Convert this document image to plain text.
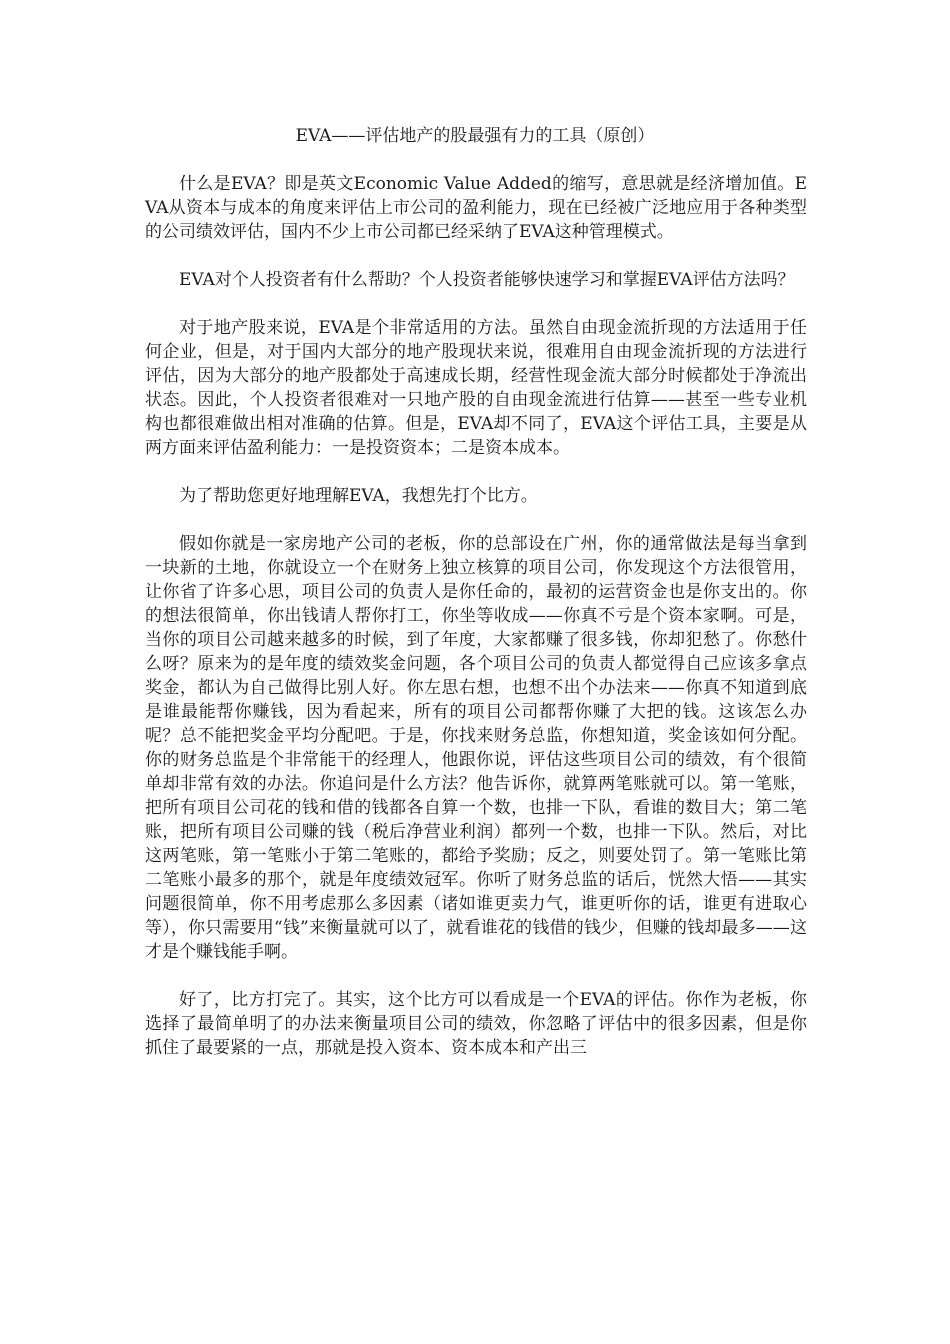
EVA——评估地产的股最强有力的工具（原创）

什么是EVA？即是英文Economic Value Added的缩写，意思就是经济增加值。EVA从资本与成本的角度来评估上市公司的盈利能力，现在已经被广泛地应用于各种类型的公司绩效评估，国内不少上市公司都已经采纳了EVA这种管理模式。

EVA对个人投资者有什么帮助？个人投资者能够快速学习和掌握EVA评估方法吗？

对于地产股来说，EVA是个非常适用的方法。虽然自由现金流折现的方法适用于任何企业，但是，对于国内大部分的地产股现状来说，很难用自由现金流折现的方法进行评估，因为大部分的地产股都处于高速成长期，经营性现金流大部分时候都处于净流出状态。因此，个人投资者很难对一只地产股的自由现金流进行估算——甚至一些专业机构也都很难做出相对准确的估算。但是，EVA却不同了，EVA这个评估工具，主要是从两方面来评估盈利能力：一是投资资本；二是资本成本。

为了帮助您更好地理解EVA，我想先打个比方。

假如你就是一家房地产公司的老板，你的总部设在广州，你的通常做法是每当拿到一块新的土地，你就设立一个在财务上独立核算的项目公司，你发现这个方法很管用，让你省了许多心思，项目公司的负责人是你任命的，最初的运营资金也是你支出的。你的想法很简单，你出钱请人帮你打工，你坐等收成——你真不亏是个资本家啊。可是，当你的项目公司越来越多的时候，到了年度，大家都赚了很多钱，你却犯愁了。你愁什么呀？原来为的是年度的绩效奖金问题，各个项目公司的负责人都觉得自己应该多拿点奖金，都认为自己做得比别人好。你左思右想，也想不出个办法来——你真不知道到底是谁最能帮你赚钱，因为看起来，所有的项目公司都帮你赚了大把的钱。这该怎么办呢？总不能把奖金平均分配吧。于是，你找来财务总监，你想知道，奖金该如何分配。你的财务总监是个非常能干的经理人，他跟你说，评估这些项目公司的绩效，有个很简单却非常有效的办法。你追问是什么方法？他告诉你，就算两笔账就可以。第一笔账，把所有项目公司花的钱和借的钱都各自算一个数，也排一下队，看谁的数目大；第二笔账，把所有项目公司赚的钱（税后净营业利润）都列一个数，也排一下队。然后，对比这两笔账，第一笔账小于第二笔账的，都给予奖励；反之，则要处罚了。第一笔账比第二笔账小最多的那个，就是年度绩效冠军。你听了财务总监的话后，恍然大悟——其实问题很简单，你不用考虑那么多因素（诸如谁更卖力气，谁更听你的话，谁更有进取心等），你只需要用“钱”来衡量就可以了，就看谁花的钱借的钱少，但赚的钱却最多——这才是个赚钱能手啊。

好了，比方打完了。其实，这个比方可以看成是一个EVA的评估。你作为老板，你选择了最简单明了的办法来衡量项目公司的绩效，你忽略了评估中的很多因素，但是你抓住了最要紧的一点，那就是投入资本、资本成本和产出三
